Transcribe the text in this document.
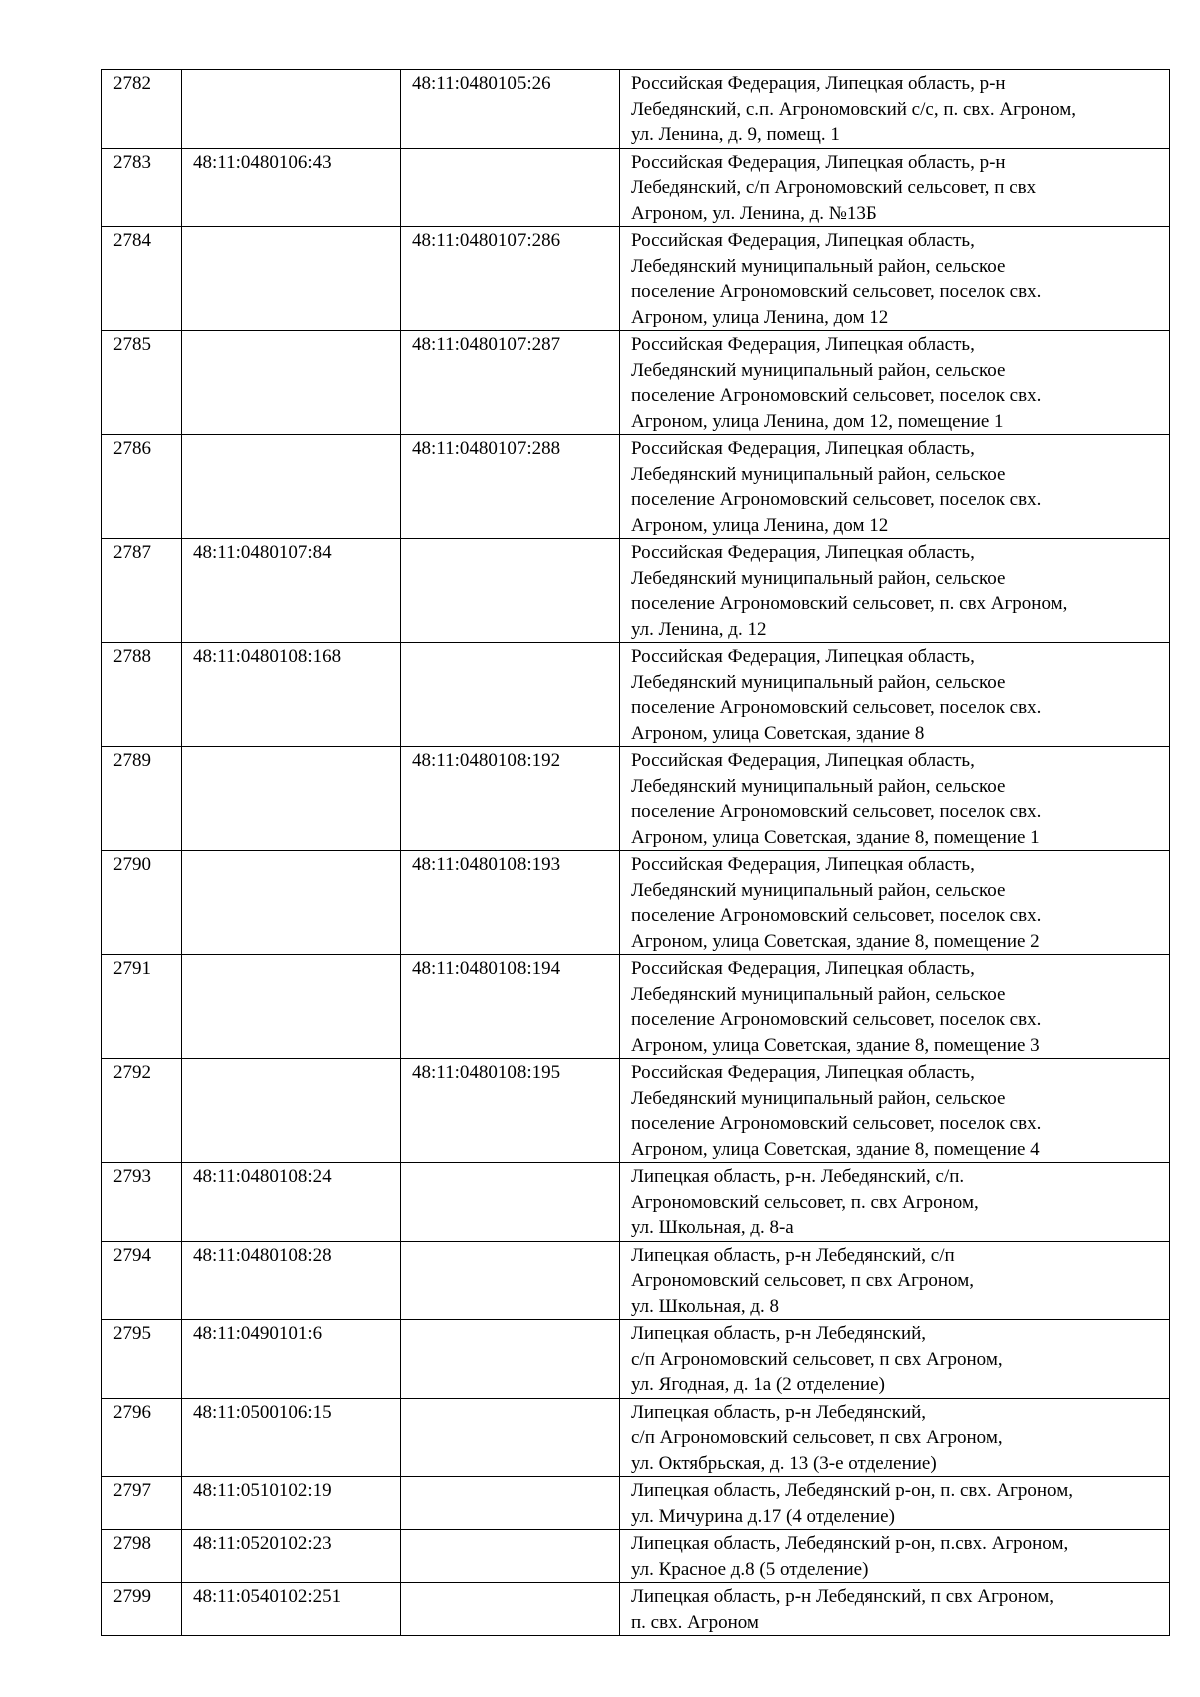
2782		48:11:0480105:26	Российская Федерация, Липецкая область, р-н
Лебедянский, с.п. Агрономовский с/с, п. свх. Агроном,
ул. Ленина, д. 9, помещ. 1

2783	48:11:0480106:43		Российская Федерация, Липецкая область, р-н
Лебедянский, с/п Агрономовский сельсовет, п свх
Агроном, ул. Ленина, д. №13Б

2784		48:11:0480107:286	Российская Федерация, Липецкая область,
Лебедянский муниципальный район, сельское
поселение Агрономовский сельсовет, поселок свх.
Агроном, улица Ленина, дом 12

2785		48:11:0480107:287	Российская Федерация, Липецкая область,
Лебедянский муниципальный район, сельское
поселение Агрономовский сельсовет, поселок свх.
Агроном, улица Ленина, дом 12, помещение 1

2786		48:11:0480107:288	Российская Федерация, Липецкая область,
Лебедянский муниципальный район, сельское
поселение Агрономовский сельсовет, поселок свх.
Агроном, улица Ленина, дом 12

2787	48:11:0480107:84		Российская Федерация, Липецкая область,
Лебедянский муниципальный район, сельское
поселение Агрономовский сельсовет, п. свх Агроном,
ул. Ленина, д. 12

2788	48:11:0480108:168		Российская Федерация, Липецкая область,
Лебедянский муниципальный район, сельское
поселение Агрономовский сельсовет, поселок свх.
Агроном, улица Советская, здание 8

2789		48:11:0480108:192	Российская Федерация, Липецкая область,
Лебедянский муниципальный район, сельское
поселение Агрономовский сельсовет, поселок свх.
Агроном, улица Советская, здание 8, помещение 1

2790		48:11:0480108:193	Российская Федерация, Липецкая область,
Лебедянский муниципальный район, сельское
поселение Агрономовский сельсовет, поселок свх.
Агроном, улица Советская, здание 8, помещение 2

2791		48:11:0480108:194	Российская Федерация, Липецкая область,
Лебедянский муниципальный район, сельское
поселение Агрономовский сельсовет, поселок свх.
Агроном, улица Советская, здание 8, помещение 3

2792		48:11:0480108:195	Российская Федерация, Липецкая область,
Лебедянский муниципальный район, сельское
поселение Агрономовский сельсовет, поселок свх.
Агроном, улица Советская, здание 8, помещение 4

2793	48:11:0480108:24		Липецкая область, р-н. Лебедянский, с/п.
Агрономовский сельсовет, п. свх Агроном,
ул. Школьная, д. 8-а

2794	48:11:0480108:28		Липецкая область, р-н Лебедянский, с/п
Агрономовский сельсовет, п свх Агроном,
ул. Школьная, д. 8

2795	48:11:0490101:6		Липецкая область, р-н Лебедянский,
с/п Агрономовский сельсовет, п свх Агроном,
ул. Ягодная, д. 1а (2 отделение)

2796	48:11:0500106:15		Липецкая область, р-н Лебедянский,
с/п Агрономовский сельсовет, п свх Агроном,
ул. Октябрьская, д. 13 (3-е отделение)

2797	48:11:0510102:19		Липецкая область, Лебедянский р-он, п. свх. Агроном,
ул. Мичурина д.17 (4 отделение)

2798	48:11:0520102:23		Липецкая область, Лебедянский р-он, п.свх. Агроном,
ул. Красное д.8 (5 отделение)

2799	48:11:0540102:251		Липецкая область, р-н Лебедянский, п свх Агроном,
п. свх. Агроном
